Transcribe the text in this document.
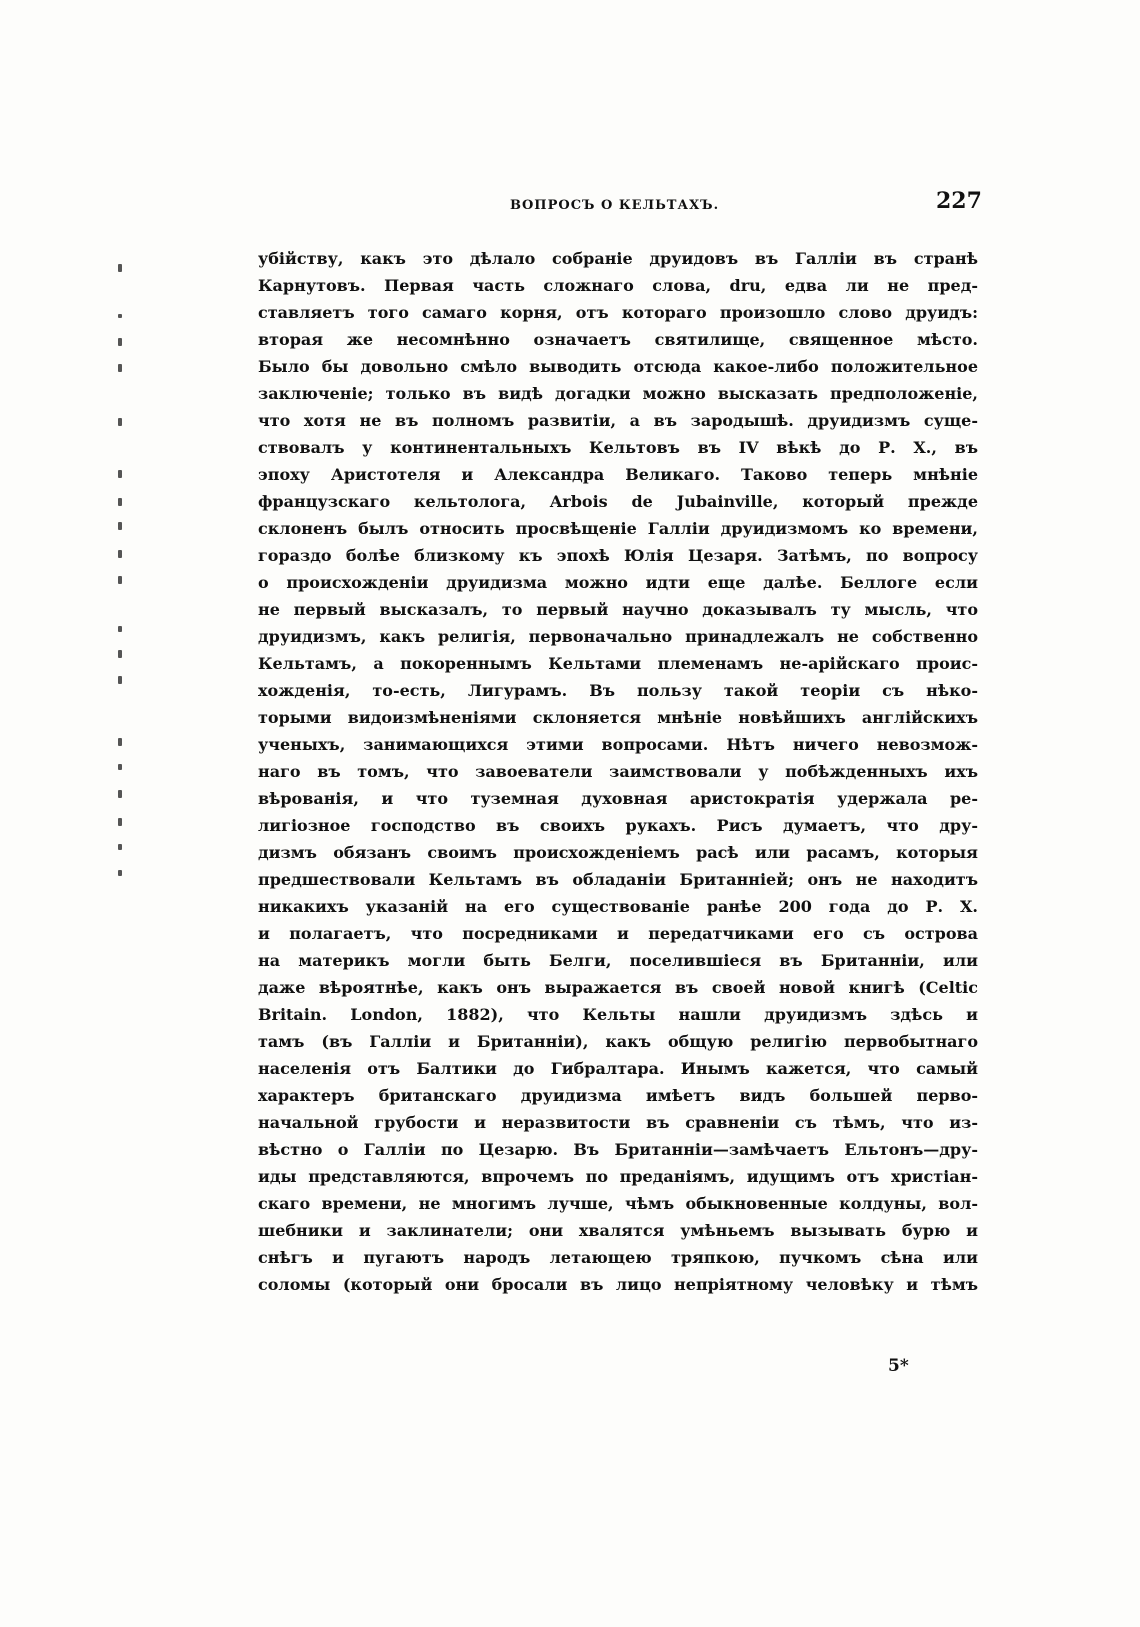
ВОПРОСЪ О КЕЛЬТАХЪ.	227
убійству, какъ это дѣлало собраніе друидовъ въ Галліи въ странѣ
Карнутовъ. Первая часть сложнаго слова, dru, едва ли не пред-
ставляетъ того самаго корня, отъ котораго произошло слово друидъ:
вторая же несомнѣнно означаетъ святилище, священное мѣсто.
Было бы довольно смѣло выводить отсюда какое-либо положительное
заключеніе; только въ видѣ догадки можно высказать предположеніе,
что хотя не въ полномъ развитіи, а въ зародышѣ. друидизмъ суще-
ствовалъ у континентальныхъ Кельтовъ въ IV вѣкѣ до Р. Х., въ
эпоху Аристотеля и Александра Великаго. Таково теперь мнѣніе
французскаго кельтолога, Arbois de Jubainville, который прежде
склоненъ былъ относить просвѣщеніе Галліи друидизмомъ ко времени,
гораздо болѣе близкому къ эпохѣ Юлія Цезаря. Затѣмъ, по вопросу
о происхожденіи друидизма можно идти еще далѣе. Беллоге если
не первый высказалъ, то первый научно доказывалъ ту мысль, что
друидизмъ, какъ религія, первоначально принадлежалъ не собственно
Кельтамъ, а покореннымъ Кельтами племенамъ не-арійскаго проис-
хожденія, то-есть, Лигурамъ. Въ пользу такой теоріи съ нѣко-
торыми видоизмѣненіями склоняется мнѣніе новѣйшихъ англійскихъ
ученыхъ, занимающихся этими вопросами. Нѣтъ ничего невозмож-
наго въ томъ, что завоеватели заимствовали у побѣжденныхъ ихъ
вѣрованія, и что туземная духовная аристократія удержала ре-
лигіозное господство въ своихъ рукахъ. Рисъ думаетъ, что дру-
дизмъ обязанъ своимъ происхожденіемъ расѣ или расамъ, которыя
предшествовали Кельтамъ въ обладаніи Британніей; онъ не находитъ
никакихъ указаній на его существованіе ранѣе 200 года до Р. Х.
и полагаетъ, что посредниками и передатчиками его съ острова
на материкъ могли быть Белги, поселившіеся въ Британніи, или
даже вѣроятнѣе, какъ онъ выражается въ своей новой книгѣ (Celtic
Britain. London, 1882), что Кельты нашли друидизмъ здѣсь и
тамъ (въ Галліи и Британніи), какъ общую религію первобытнаго
населенія отъ Балтики до Гибралтара. Инымъ кажется, что самый
характеръ британскаго друидизма имѣетъ видъ большей перво-
начальной грубости и неразвитости въ сравненіи съ тѣмъ, что из-
вѣстно о Галліи по Цезарю. Въ Британніи—замѣчаетъ Ельтонъ—дру-
иды представляются, впрочемъ по преданіямъ, идущимъ отъ христіан-
скаго времени, не многимъ лучше, чѣмъ обыкновенные колдуны, вол-
шебники и заклинатели; они хвалятся умѣньемъ вызывать бурю и
снѣгъ и пугаютъ народъ летающею тряпкою, пучкомъ сѣна или
соломы (который они бросали въ лицо непріятному человѣку и тѣмъ
5*
